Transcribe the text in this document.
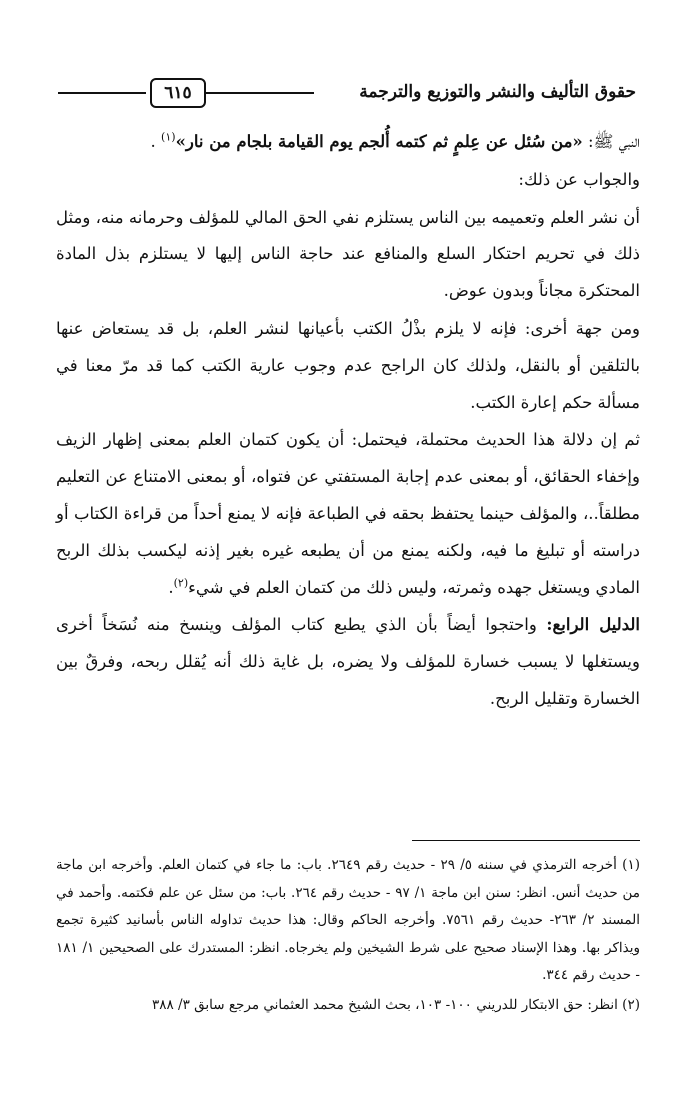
حقوق التأليف والنشر والتوزيع والترجمة
٦١٥

النبي ﷺ: «من سُئل عن عِلمٍ ثم كتمه أُلجم يوم القيامة بلجام من نار»$^{(١)}$ .

والجواب عن ذلك:

أن نشر العلم وتعميمه بين الناس يستلزم نفي الحق المالي للمؤلف وحرمانه منه، ومثل ذلك في تحريم احتكار السلع والمنافع عند حاجة الناس إليها لا يستلزم بذل المادة المحتكرة مجاناً وبدون عوض.

ومن جهة أخرى: فإنه لا يلزم بذْلُ الكتب بأعيانها لنشر العلم، بل قد يستعاض عنها بالتلقين أو بالنقل، ولذلك كان الراجح عدم وجوب عارية الكتب كما قد مرّ معنا في مسألة حكم إعارة الكتب.

ثم إن دلالة هذا الحديث محتملة، فيحتمل: أن يكون كتمان العلم بمعنى إظهار الزيف وإخفاء الحقائق، أو بمعنى عدم إجابة المستفتي عن فتواه، أو بمعنى الامتناع عن التعليم مطلقاً..، والمؤلف حينما يحتفظ بحقه في الطباعة فإنه لا يمنع أحداً من قراءة الكتاب أو دراسته أو تبليغ ما فيه، ولكنه يمنع من أن يطبعه غيره بغير إذنه ليكسب بذلك الربح المادي ويستغل جهده وثمرته، وليس ذلك من كتمان العلم في شيء$^{(٢)}$.

الدليل الرابع: واحتجوا أيضاً بأن الذي يطبع كتاب المؤلف وينسخ منه نُسَخاً أخرى ويستغلها لا يسبب خسارة للمؤلف ولا يضره، بل غاية ذلك أنه يُقلل ربحه، وفرقٌ بين الخسارة وتقليل الربح.

(١) أخرجه الترمذي في سننه ٥/ ٢٩ - حديث رقم ٢٦٤٩. باب: ما جاء في كتمان العلم. وأخرجه ابن ماجة من حديث أنس. انظر: سنن ابن ماجة ١/ ٩٧ - حديث رقم ٢٦٤. باب: من سئل عن علم فكتمه. وأحمد في المسند ٢/ ٢٦٣- حديث رقم ٧٥٦١. وأخرجه الحاكم وقال: هذا حديث تداوله الناس بأسانيد كثيرة تجمع ويذاكر بها. وهذا الإسناد صحيح على شرط الشيخين ولم يخرجاه. انظر: المستدرك على الصحيحين ١/ ١٨١ - حديث رقم ٣٤٤.

(٢) انظر: حق الابتكار للدريني ١٠٠- ١٠٣، بحث الشيخ محمد العثماني مرجع سابق ٣/ ٣٨٨
